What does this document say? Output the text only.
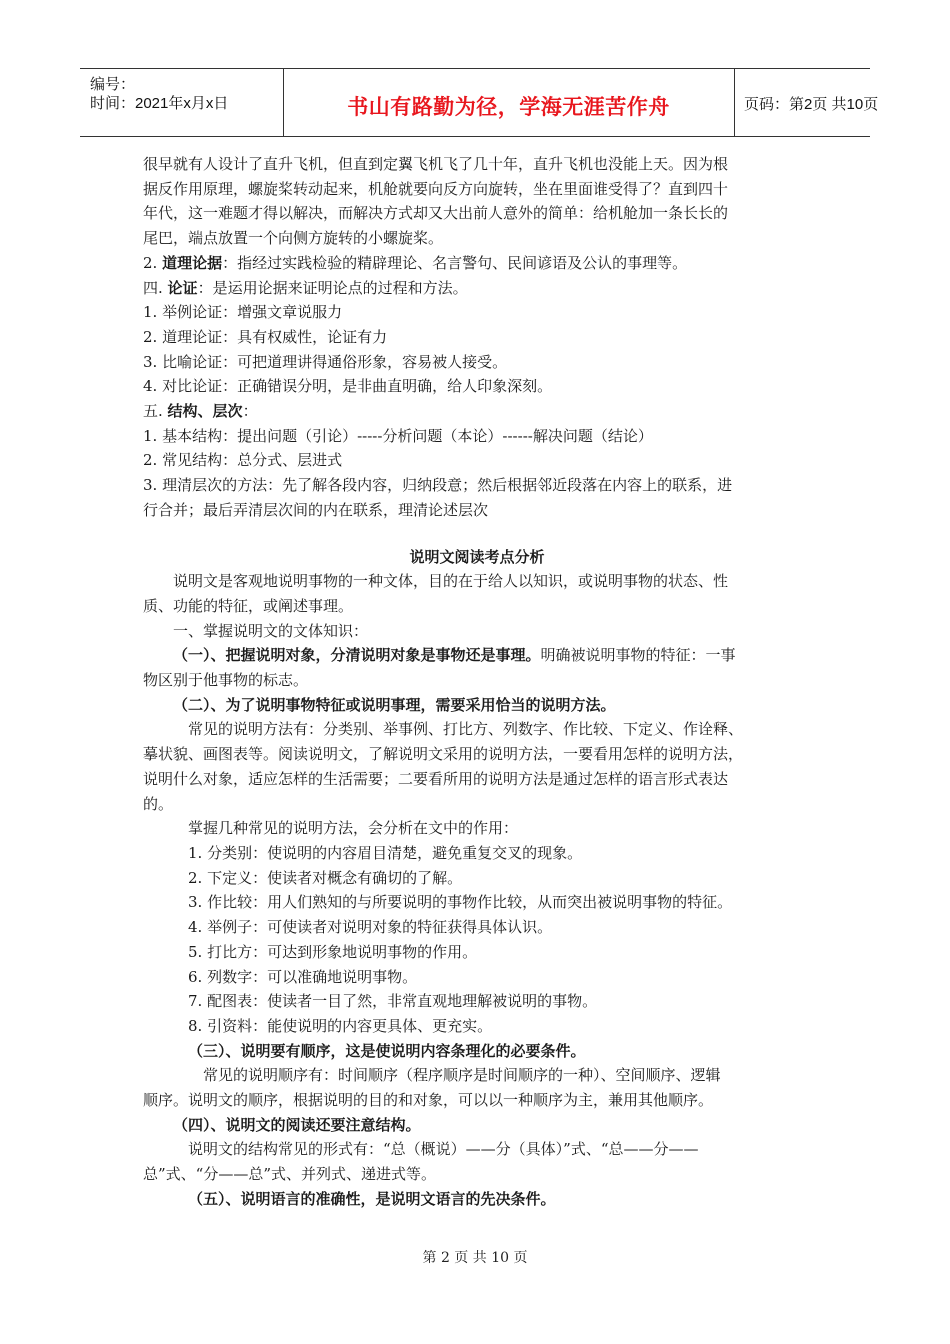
编号：
时间：2021年x月x日	书山有路勤为径，学海无涯苦作舟	页码：第2页 共10页

很早就有人设计了直升飞机，但直到定翼飞机飞了几十年，直升飞机也没能上天。因为根

据反作用原理，螺旋桨转动起来，机舱就要向反方向旋转，坐在里面谁受得了？直到四十

年代，这一难题才得以解决，而解决方式却又大出前人意外的简单：给机舱加一条长长的

尾巴，端点放置一个向侧方旋转的小螺旋桨。

2. 道理论据：指经过实践检验的精辟理论、名言警句、民间谚语及公认的事理等。

四. 论证：是运用论据来证明论点的过程和方法。

1. 举例论证：增强文章说服力

2. 道理论证：具有权威性，论证有力

3. 比喻论证：可把道理讲得通俗形象，容易被人接受。

4. 对比论证：正确错误分明，是非曲直明确，给人印象深刻。

五. 结构、层次：

1. 基本结构：提出问题（引论）-----分析问题（本论）------解决问题（结论）

2. 常见结构：总分式、层进式

3. 理清层次的方法：先了解各段内容，归纳段意；然后根据邻近段落在内容上的联系，进

行合并；最后弄清层次间的内在联系，理清论述层次

说明文阅读考点分析

说明文是客观地说明事物的一种文体，目的在于给人以知识，或说明事物的状态、性

质、功能的特征，或阐述事理。

一、掌握说明文的文体知识：

（一）、把握说明对象，分清说明对象是事物还是事理。明确被说明事物的特征：一事

物区别于他事物的标志。

（二）、为了说明事物特征或说明事理，需要采用恰当的说明方法。

常见的说明方法有：分类别、举事例、打比方、列数字、作比较、下定义、作诠释、

摹状貌、画图表等。阅读说明文，了解说明文采用的说明方法，一要看用怎样的说明方法，

说明什么对象，适应怎样的生活需要；二要看所用的说明方法是通过怎样的语言形式表达

的。

掌握几种常见的说明方法，会分析在文中的作用：

1. 分类别：使说明的内容眉目清楚，避免重复交叉的现象。

2. 下定义：使读者对概念有确切的了解。

3. 作比较：用人们熟知的与所要说明的事物作比较，从而突出被说明事物的特征。

4. 举例子：可使读者对说明对象的特征获得具体认识。

5. 打比方：可达到形象地说明事物的作用。

6. 列数字：可以准确地说明事物。

7. 配图表：使读者一目了然，非常直观地理解被说明的事物。

8. 引资料：能使说明的内容更具体、更充实。

（三）、说明要有顺序，这是使说明内容条理化的必要条件。

常见的说明顺序有：时间顺序（程序顺序是时间顺序的一种）、空间顺序、逻辑

顺序。说明文的顺序，根据说明的目的和对象，可以以一种顺序为主，兼用其他顺序。

（四）、说明文的阅读还要注意结构。

说明文的结构常见的形式有：“总（概说）——分（具体）”式、“总——分——

总”式、“分——总”式、并列式、递进式等。

（五）、说明语言的准确性，是说明文语言的先决条件。

第 2 页 共 10 页
